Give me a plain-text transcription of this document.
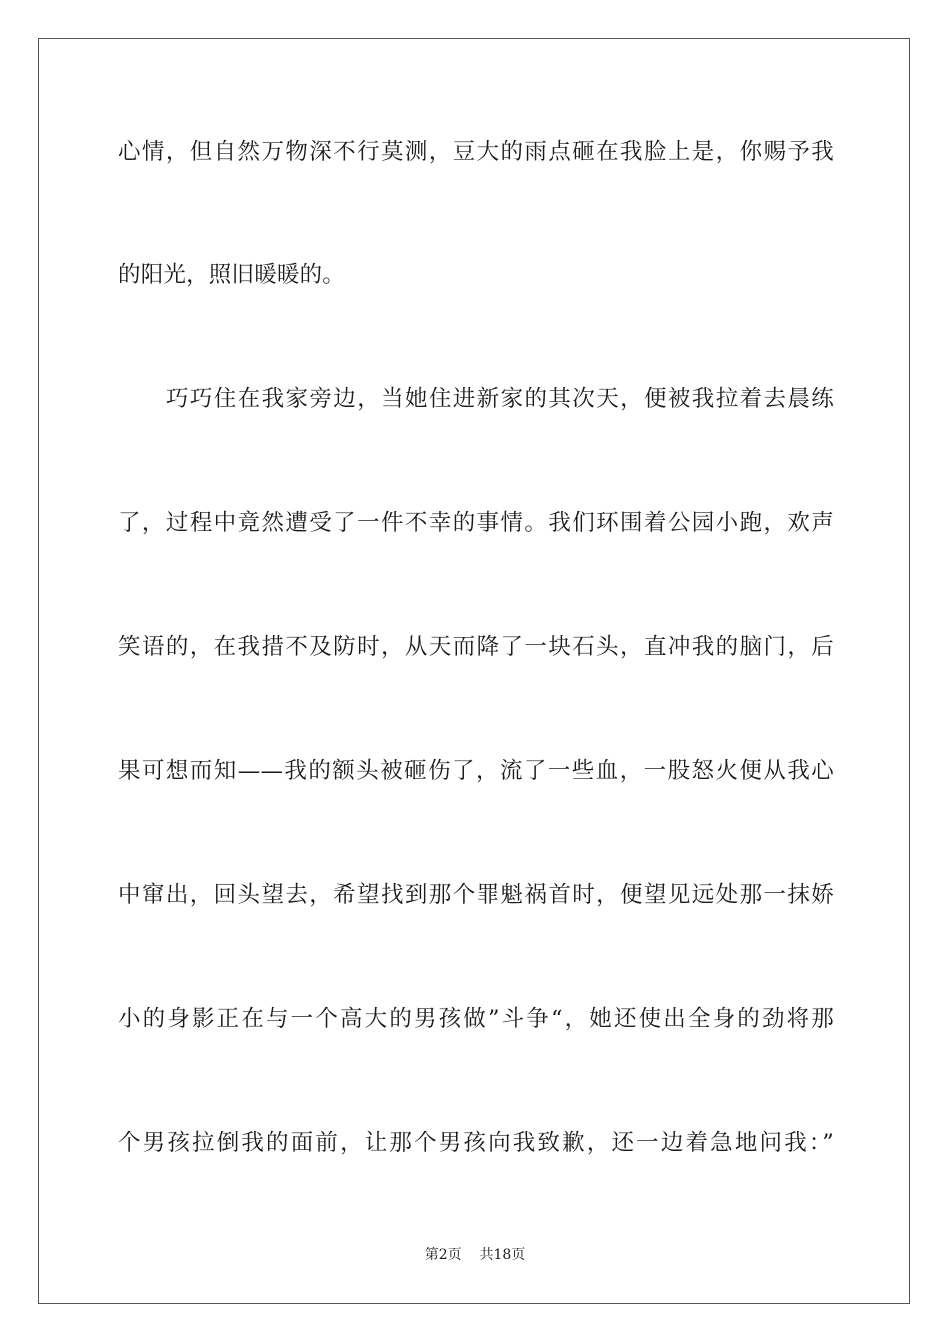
心情，但自然万物深不行莫测，豆大的雨点砸在我脸上是，你赐予我
的阳光，照旧暖暖的。
巧巧住在我家旁边，当她住进新家的其次天，便被我拉着去晨练
了，过程中竟然遭受了一件不幸的事情。我们环围着公园小跑，欢声
笑语的，在我措不及防时，从天而降了一块石头，直冲我的脑门，后
果可想而知——我的额头被砸伤了，流了一些血，一股怒火便从我心
中窜出，回头望去，希望找到那个罪魁祸首时，便望见远处那一抹娇
小的身影正在与一个高大的男孩做”斗争“，她还使出全身的劲将那
个男孩拉倒我的面前，让那个男孩向我致歉，还一边着急地问我：”
第2页    共18页
